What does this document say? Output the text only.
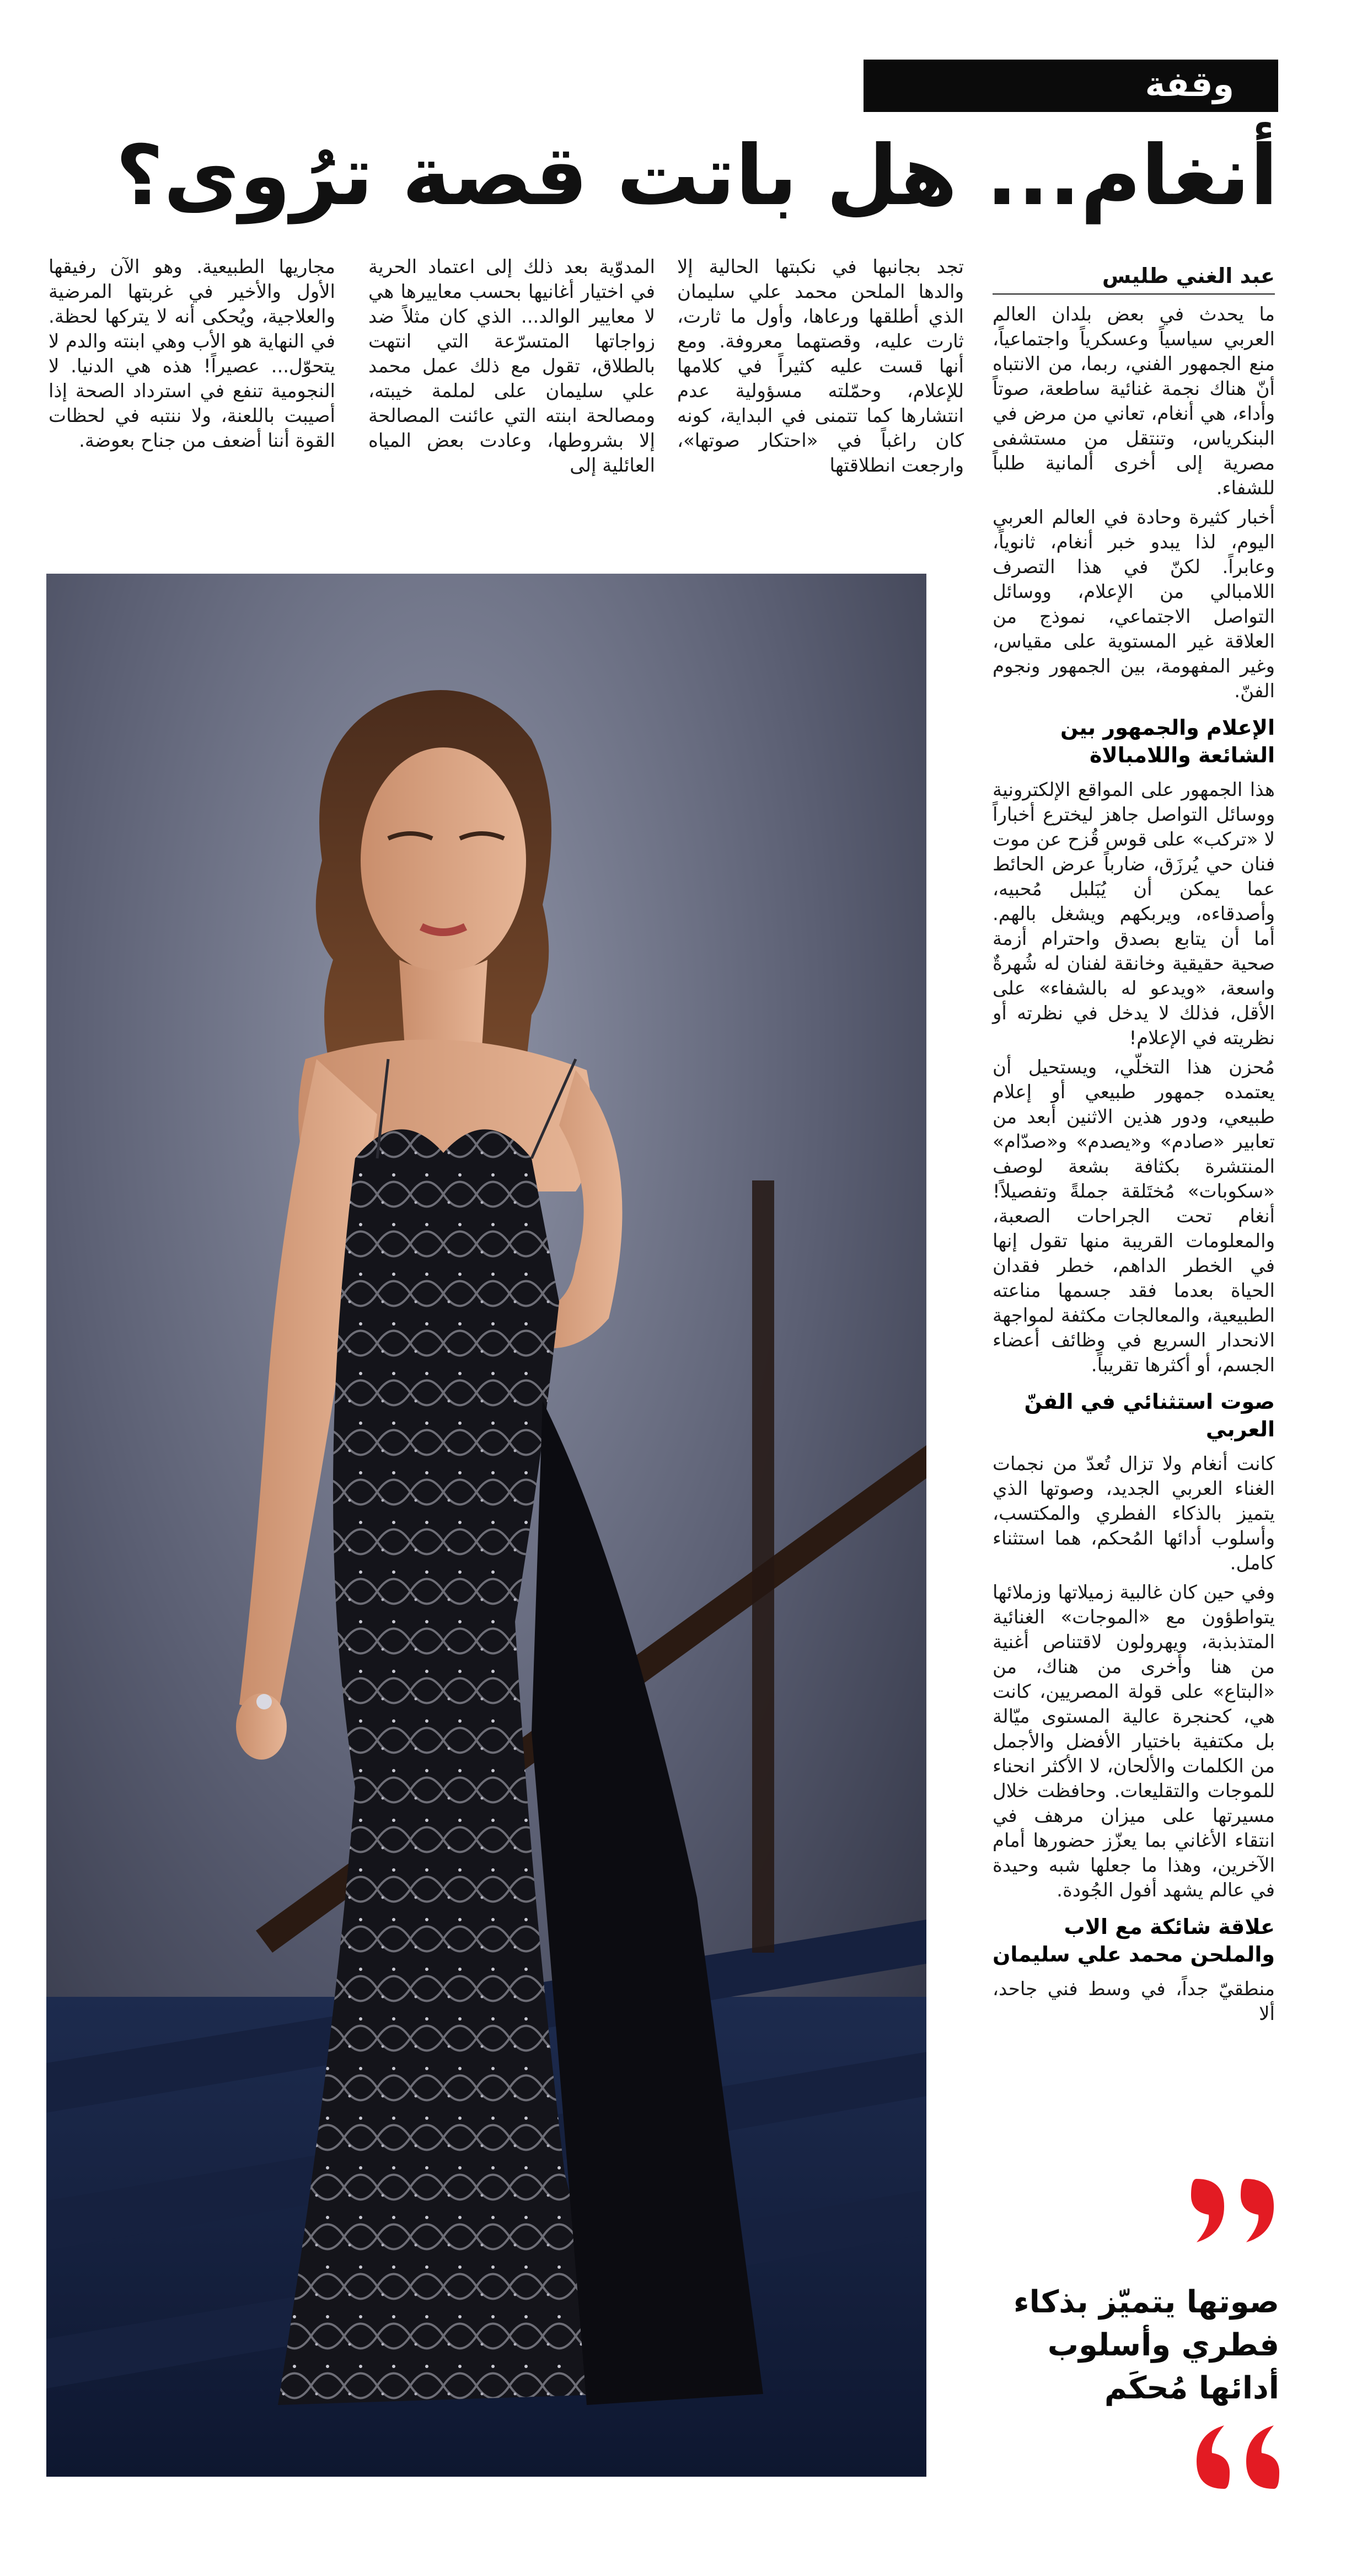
وقفة
أنغام... هل باتت قصة ترُوى؟
عبد الغني طليس

ما يحدث في بعض بلدان العالم العربي سياسياً وعسكرياً واجتماعياً، منع الجمهور الفني، ربما، من الانتباه أنّ هناك نجمة غنائية ساطعة، صوتاً وأداء، هي أنغام، تعاني من مرض في البنكرياس، وتنتقل من مستشفى مصرية إلى أخرى ألمانية طلباً للشفاء.

أخبار كثيرة وحادة في العالم العربي اليوم، لذا يبدو خبر أنغام، ثانوياً، وعابراً. لكنّ في هذا التصرف اللامبالي من الإعلام، ووسائل التواصل الاجتماعي، نموذج من العلاقة غير المستوية على مقياس، وغير المفهومة، بين الجمهور ونجوم الفنّ.

الإعلام والجمهور بين الشائعة واللامبالاة

هذا الجمهور على المواقع الإلكترونية ووسائل التواصل جاهز ليخترع أخباراً لا «تركب» على قوس قُزح عن موت فنان حي يُرزَق، ضارباً عرض الحائط عما يمكن أن يُبَلبل مُحبيه، وأصدقاءه، ويربكهم ويشغل بالهم. أما أن يتابع بصدق واحترام أزمة صحية حقيقية وخانقة لفنان له شُهرةٌ واسعة، «ويدعو له بالشفاء» على الأقل، فذلك لا يدخل في نظرته أو نظريته في الإعلام!

مُحزن هذا التخلّي، ويستحيل أن يعتمده جمهور طبيعي أو إعلام طبيعي، ودور هذين الاثنين أبعد من تعابير «صادم» و«يصدم» و«صدّام» المنتشرة بكثافة بشعة لوصف «سكوبات» مُختَلقة جملةً وتفصيلاً! أنغام تحت الجراحات الصعبة، والمعلومات القريبة منها تقول إنها في الخطر الداهم، خطر فقدان الحياة بعدما فقد جسمها مناعته الطبيعية، والمعالجات مكثفة لمواجهة الانحدار السريع في وظائف أعضاء الجسم، أو أكثرها تقريباً.

صوت استثنائي في الفنّ العربي

كانت أنغام ولا تزال تُعدّ من نجمات الغناء العربي الجديد، وصوتها الذي يتميز بالذكاء الفطري والمكتسب، وأسلوب أدائها المُحكم، هما استثناء كامل.

وفي حين كان غالبية زميلاتها وزملائها يتواطؤون مع «الموجات» الغنائية المتذبذبة، ويهرولون لاقتناص أغنية من هنا وأخرى من هناك، من «البتاع» على قولة المصريين، كانت هي، كحنجرة عالية المستوى ميّالة بل مكتفية باختيار الأفضل والأجمل من الكلمات والألحان، لا الأكثر انحناء للموجات والتقليعات. وحافظت خلال مسيرتها على ميزان مرهف في انتقاء الأغاني بما يعزّز حضورها أمام الآخرين، وهذا ما جعلها شبه وحيدة في عالم يشهد أفول الجُودة.

علاقة شائكة مع الاب والملحن محمد علي سليمان

منطقيّ جداً، في وسط فني جاحد، ألا

تجد بجانبها في نكبتها الحالية إلا والدها الملحن محمد علي سليمان الذي أطلقها ورعاها، وأول ما ثارت، ثارت عليه، وقصتهما معروفة. ومع أنها قست عليه كثيراً في كلامها للإعلام، وحمّلته مسؤولية عدم انتشارها كما تتمنى في البداية، كونه كان راغباً في «احتكار صوتها»، وارجعت انطلاقتها

المدوّية بعد ذلك إلى اعتماد الحرية في اختيار أغانيها بحسب معاييرها هي لا معايير الوالد... الذي كان مثلاً ضد زواجاتها المتسرّعة التي انتهت بالطلاق، تقول مع ذلك عمل محمد علي سليمان على لملمة خيبته، ومصالحة ابنته التي عائنت المصالحة إلا بشروطها، وعادت بعض المياه العائلية إلى

مجاريها الطبيعية. وهو الآن رفيقها الأول والأخير في غربتها المرضية والعلاجية، ويُحكى أنه لا يتركها لحظة. في النهاية هو الأب وهي ابنته والدم لا يتحوّل... عصيراً! هذه هي الدنيا. لا النجومية تنفع في استرداد الصحة إذا أصيبت باللعنة، ولا ننتبه في لحظات القوة أننا أضعف من جناح بعوضة.

صوتها يتميّز بذكاء فطري وأسلوب أدائها مُحكَم
